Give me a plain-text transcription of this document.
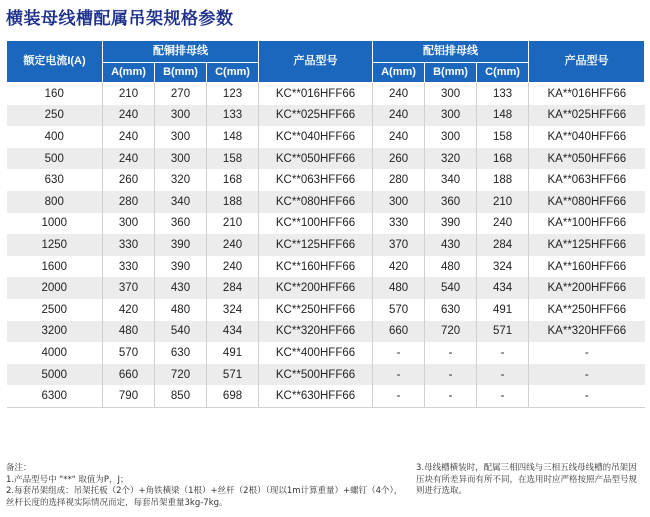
横装母线槽配属吊架规格参数
额定电流I(A)	配铜排母线			产品型号	配铝排母线			产品型号
	A(mm)	B(mm)	C(mm)		A(mm)	B(mm)	C(mm)	
160	210	270	123	KC**016HFF66	240	300	133	KA**016HFF66
250	240	300	133	KC**025HFF66	240	300	148	KA**025HFF66
400	240	300	148	KC**040HFF66	240	300	158	KA**040HFF66
500	240	300	158	KC**050HFF66	260	320	168	KA**050HFF66
630	260	320	168	KC**063HFF66	280	340	188	KA**063HFF66
800	280	340	188	KC**080HFF66	300	360	210	KA**080HFF66
1000	300	360	210	KC**100HFF66	330	390	240	KA**100HFF66
1250	330	390	240	KC**125HFF66	370	430	284	KA**125HFF66
1600	330	390	240	KC**160HFF66	420	480	324	KA**160HFF66
2000	370	430	284	KC**200HFF66	480	540	434	KA**200HFF66
2500	420	480	324	KC**250HFF66	570	630	491	KA**250HFF66
3200	480	540	434	KC**320HFF66	660	720	571	KA**320HFF66
4000	570	630	491	KC**400HFF66	-	-	-	-
5000	660	720	571	KC**500HFF66	-	-	-	-
6300	790	850	698	KC**630HFF66	-	-	-	-
备注：
1.产品型号中 "**" 取值为P，J；
2.每套吊架组成：吊架托板（2个）+角铁横梁（1根）+丝杆（2根）（现以1m计算重量）+螺钉（4个），
丝杆长度的选择视实际情况而定，每套吊架重量3kg-7kg。
3.母线槽横装时，配属三相四线与三相五线母线槽的吊架因压块有所差异而有所不同，在选用时应严格按照产品型号规则进行选取。
